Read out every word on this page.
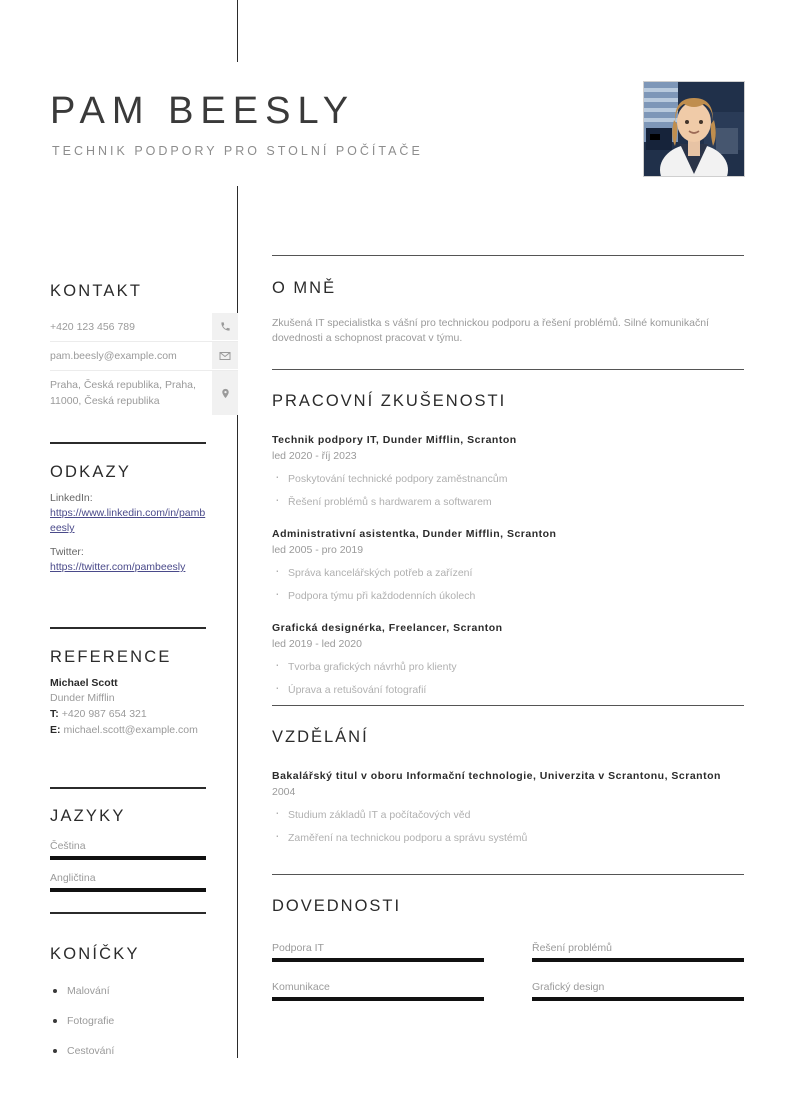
PAM BEESLY
TECHNIK PODPORY PRO STOLNÍ POČÍTAČE
KONTAKT
+420 123 456 789
pam.beesly@example.com
Praha, Česká republika, Praha, 11000, Česká republika
ODKAZY
LinkedIn:
https://www.linkedin.com/in/pambeesly
Twitter:
https://twitter.com/pambeesly
REFERENCE
Michael Scott
Dunder Mifflin
T: +420 987 654 321
E: michael.scott@example.com
JAZYKY
Čeština
Angličtina
KONÍČKY
Malování
Fotografie
Cestování
O MNĚ
Zkušená IT specialistka s vášní pro technickou podporu a řešení problémů. Silné komunikační dovednosti a schopnost pracovat v týmu.
PRACOVNÍ ZKUŠENOSTI
Technik podpory IT, Dunder Mifflin, Scranton
led 2020 - říj 2023
· Poskytování technické podpory zaměstnancům
· Řešení problémů s hardwarem a softwarem
Administrativní asistentka, Dunder Mifflin, Scranton
led 2005 - pro 2019
· Správa kancelářských potřeb a zařízení
· Podpora týmu při každodenních úkolech
Grafická designérka, Freelancer, Scranton
led 2019 - led 2020
· Tvorba grafických návrhů pro klienty
· Úprava a retušování fotografií
VZDĚLÁNÍ
Bakalářský titul v oboru Informační technologie, Univerzita v Scrantonu, Scranton
2004
· Studium základů IT a počítačových věd
· Zaměření na technickou podporu a správu systémů
DOVEDNOSTI
Podpora IT	Řešení problémů
Komunikace	Grafický design
